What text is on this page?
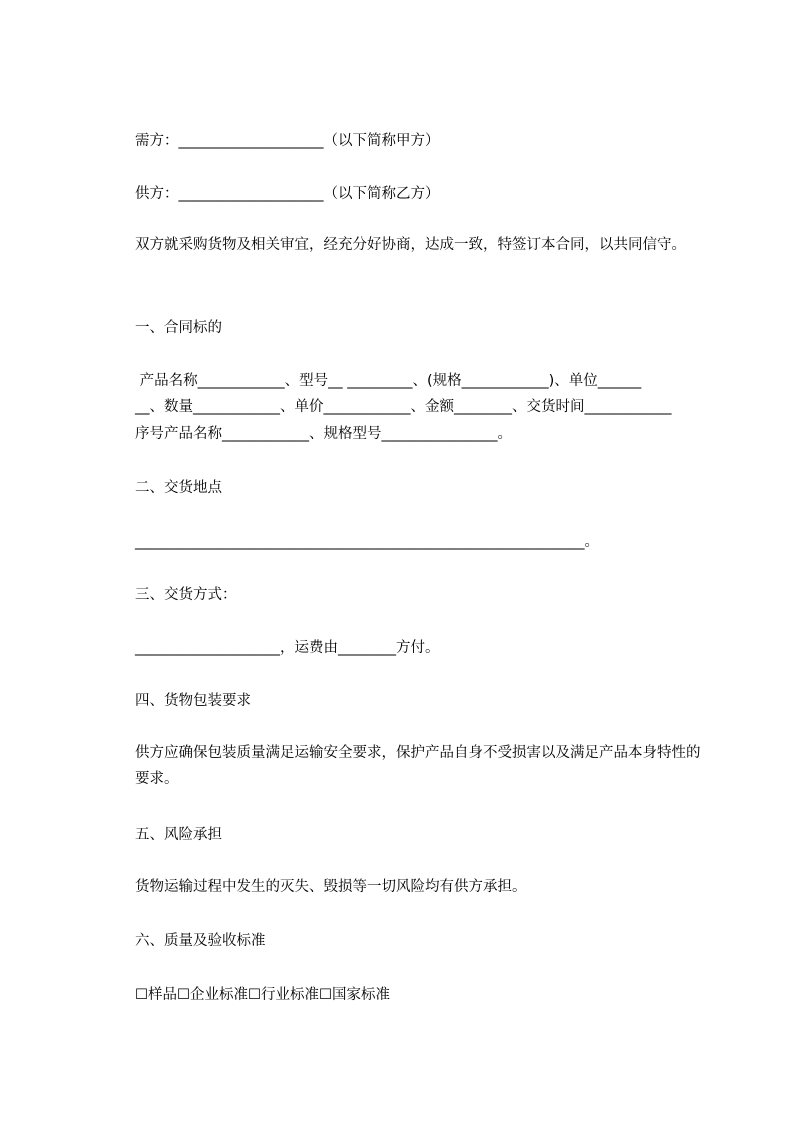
需方：____________________（以下简称甲方）
供方：____________________（以下简称乙方）
双方就采购货物及相关审宜，经充分好协商，达成一致，特签订本合同，以共同信守。
一、合同标的
产品名称____________、型号__ _________、(规格____________)、单位______
__、数量____________、单价____________、金额________、交货时间____________
序号产品名称____________、规格型号________________。
二、交货地点
______________________________________________________________。
三、交货方式：
____________________，运费由________方付。
四、货物包装要求
供方应确保包装质量满足运输安全要求，保护产品自身不受损害以及满足产品本身特性的要求。
五、风险承担
货物运输过程中发生的灭失、毁损等一切风险均有供方承担。
六、质量及验收标准
☐样品☐企业标准☐行业标准☐国家标准
